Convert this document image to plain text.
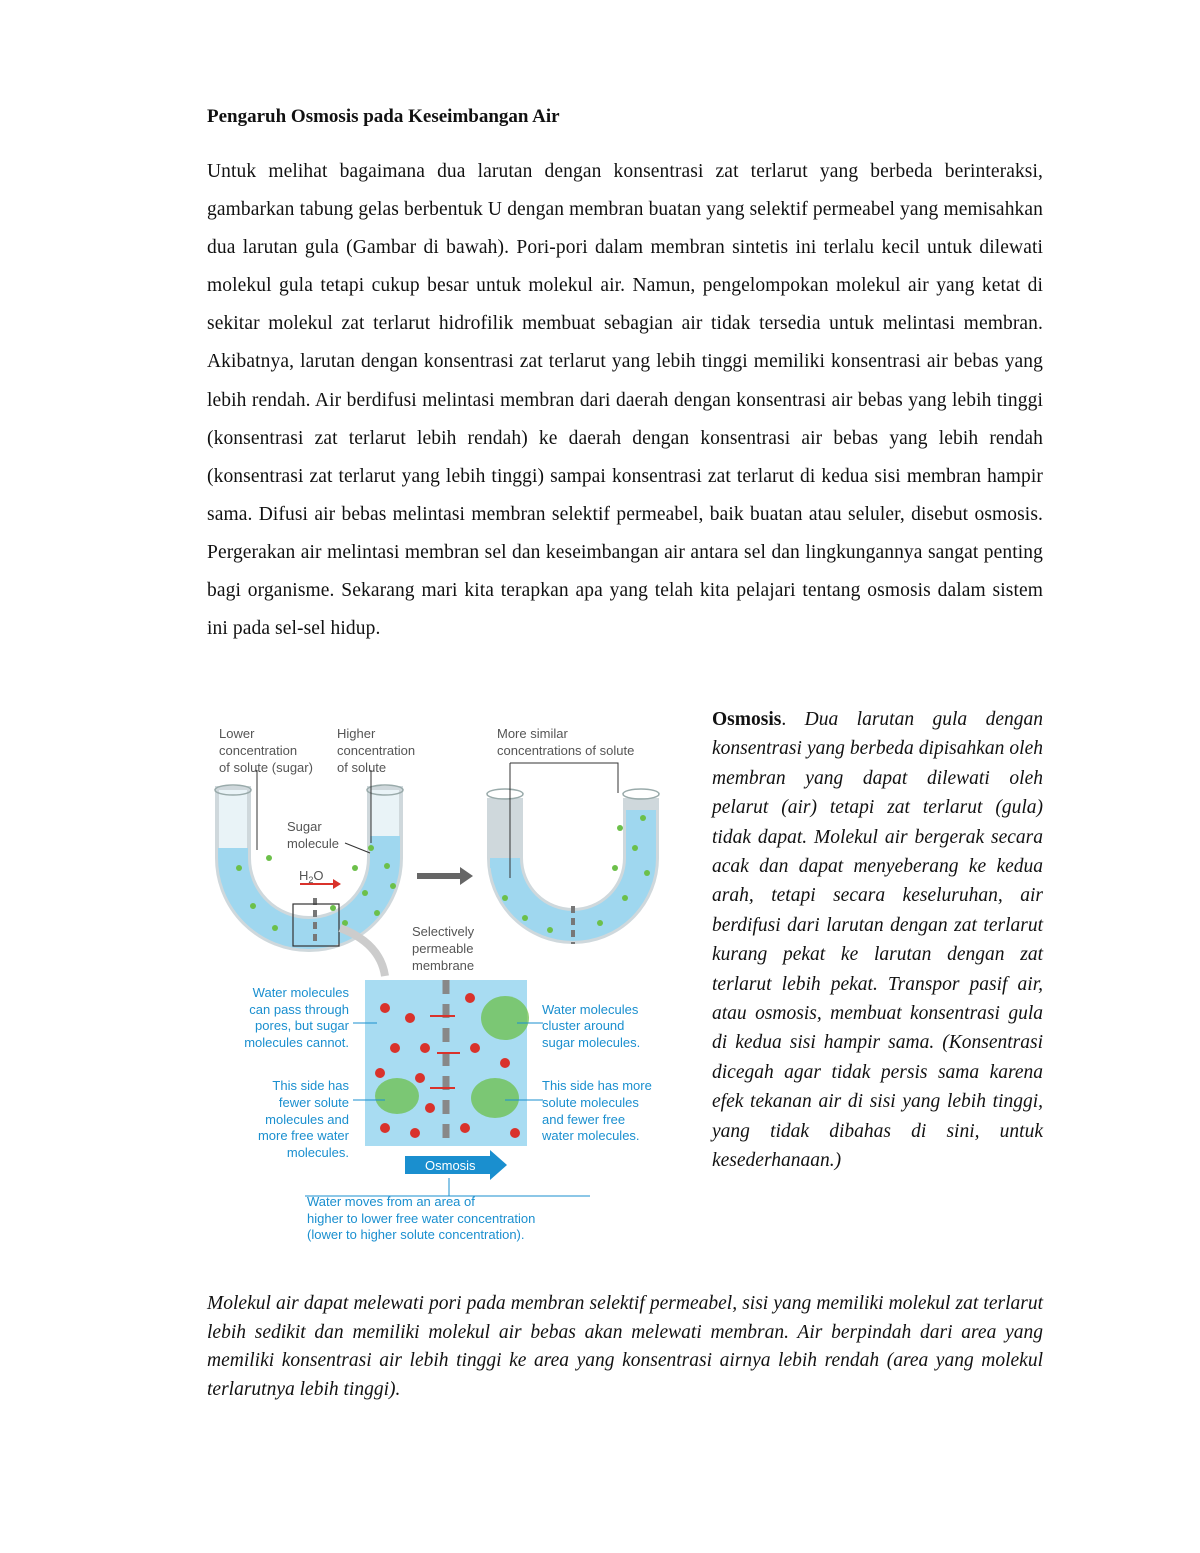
Pengaruh Osmosis pada Keseimbangan Air

Untuk melihat bagaimana dua larutan dengan konsentrasi zat terlarut yang berbeda berinteraksi, gambarkan tabung gelas berbentuk U dengan membran buatan yang selektif permeabel yang memisahkan dua larutan gula (Gambar di bawah). Pori-pori dalam membran sintetis ini terlalu kecil untuk dilewati molekul gula tetapi cukup besar untuk molekul air. Namun, pengelompokan molekul air yang ketat di sekitar molekul zat terlarut hidrofilik membuat sebagian air tidak tersedia untuk melintasi membran. Akibatnya, larutan dengan konsentrasi zat terlarut yang lebih tinggi memiliki konsentrasi air bebas yang lebih rendah. Air berdifusi melintasi membran dari daerah dengan konsentrasi air bebas yang lebih tinggi (konsentrasi zat terlarut lebih rendah) ke daerah dengan konsentrasi air bebas yang lebih rendah (konsentrasi zat terlarut yang lebih tinggi) sampai konsentrasi zat terlarut di kedua sisi membran hampir sama. Difusi air bebas melintasi membran selektif permeabel, baik buatan atau seluler, disebut osmosis. Pergerakan air melintasi membran sel dan keseimbangan air antara sel dan lingkungannya sangat penting bagi organisme. Sekarang mari kita terapkan apa yang telah kita pelajari tentang osmosis dalam sistem ini pada sel-sel hidup.

Osmosis
Lower
concentration
of solute (sugar)
Higher
concentration
of solute
More similar
concentrations of solute
Sugar
molecule
$H_2O$
Selectively
permeable
membrane
Water molecules
can pass through
pores, but sugar
molecules cannot.
Water molecules
cluster around
sugar molecules.
This side has
fewer solute
molecules and
more free water
molecules.
This side has more
solute molecules
and fewer free
water molecules.
Water moves from an area of
higher to lower free water concentration
(lower to higher solute concentration).

Osmosis. Dua larutan gula dengan konsentrasi yang berbeda dipisahkan oleh membran yang dapat dilewati oleh pelarut (air) tetapi zat terlarut (gula) tidak dapat. Molekul air bergerak secara acak dan dapat menyeberang ke kedua arah, tetapi secara keseluruhan, air berdifusi dari larutan dengan zat terlarut kurang pekat ke larutan dengan zat terlarut lebih pekat. Transpor pasif air, atau osmosis, membuat konsentrasi gula di kedua sisi hampir sama. (Konsentrasi dicegah agar tidak persis sama karena efek tekanan air di sisi yang lebih tinggi, yang tidak dibahas di sini, untuk kesederhanaan.)

Molekul air dapat melewati pori pada membran selektif permeabel, sisi yang memiliki molekul zat terlarut lebih sedikit dan memiliki molekul air bebas akan melewati membran. Air berpindah dari area yang memiliki konsentrasi air lebih tinggi ke area yang konsentrasi airnya lebih rendah (area yang molekul terlarutnya lebih tinggi).
